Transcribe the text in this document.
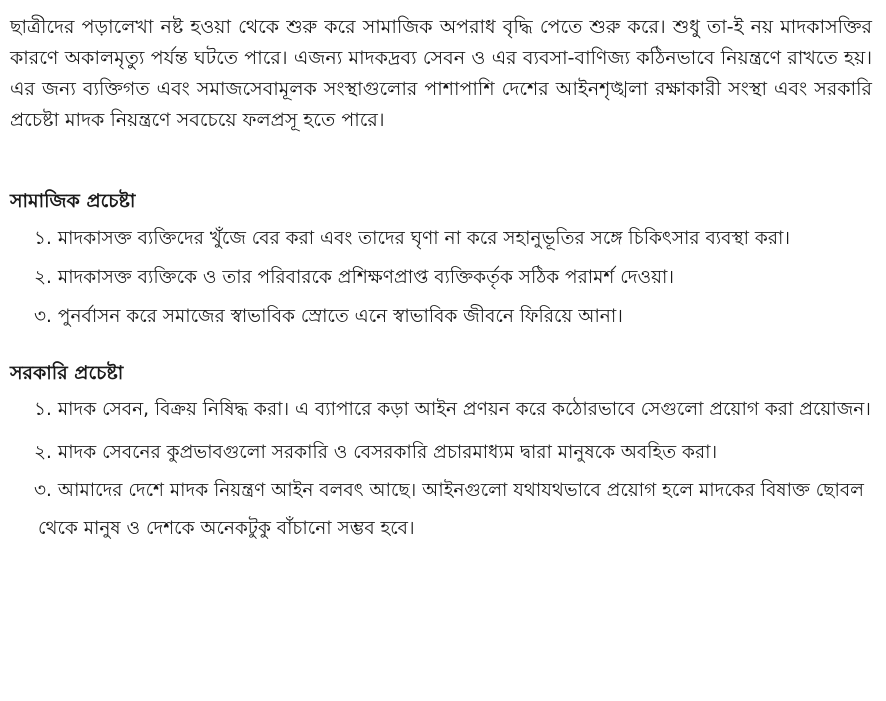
ছাত্রীদের পড়ালেখা নষ্ট হওয়া থেকে শুরু করে সামাজিক অপরাধ বৃদ্ধি পেতে শুরু করে। শুধু তা-ই নয় মাদকাসক্তির কারণে অকালমৃত্যু পর্যন্ত ঘটতে পারে। এজন্য মাদকদ্রব্য সেবন ও এর ব্যবসা-বাণিজ্য কঠিনভাবে নিয়ন্ত্রণে রাখতে হয়। এর জন্য ব্যক্তিগত এবং সমাজসেবামূলক সংস্থাগুলোর পাশাপাশি দেশের আইনশৃঙ্খলা রক্ষাকারী সংস্থা এবং সরকারি প্রচেষ্টা মাদক নিয়ন্ত্রণে সবচেয়ে ফলপ্রসূ হতে পারে।

সামাজিক প্রচেষ্টা
১. মাদকাসক্ত ব্যক্তিদের খুঁজে বের করা এবং তাদের ঘৃণা না করে সহানুভূতির সঙ্গে চিকিৎসার ব্যবস্থা করা।
২. মাদকাসক্ত ব্যক্তিকে ও তার পরিবারকে প্রশিক্ষণপ্রাপ্ত ব্যক্তিকর্তৃক সঠিক পরামর্শ দেওয়া।
৩. পুনর্বাসন করে সমাজের স্বাভাবিক স্রোতে এনে স্বাভাবিক জীবনে ফিরিয়ে আনা।
সরকারি প্রচেষ্টা
১. মাদক সেবন, বিক্রয় নিষিদ্ধ করা। এ ব্যাপারে কড়া আইন প্রণয়ন করে কঠোরভাবে সেগুলো প্রয়োগ করা প্রয়োজন।
২. মাদক সেবনের কুপ্রভাবগুলো সরকারি ও বেসরকারি প্রচারমাধ্যম দ্বারা মানুষকে অবহিত করা।
৩. আমাদের দেশে মাদক নিয়ন্ত্রণ আইন বলবৎ আছে। আইনগুলো যথাযথভাবে প্রয়োগ হলে মাদকের বিষাক্ত ছোবল থেকে মানুষ ও দেশকে অনেকটুকু বাঁচানো সম্ভব হবে।
